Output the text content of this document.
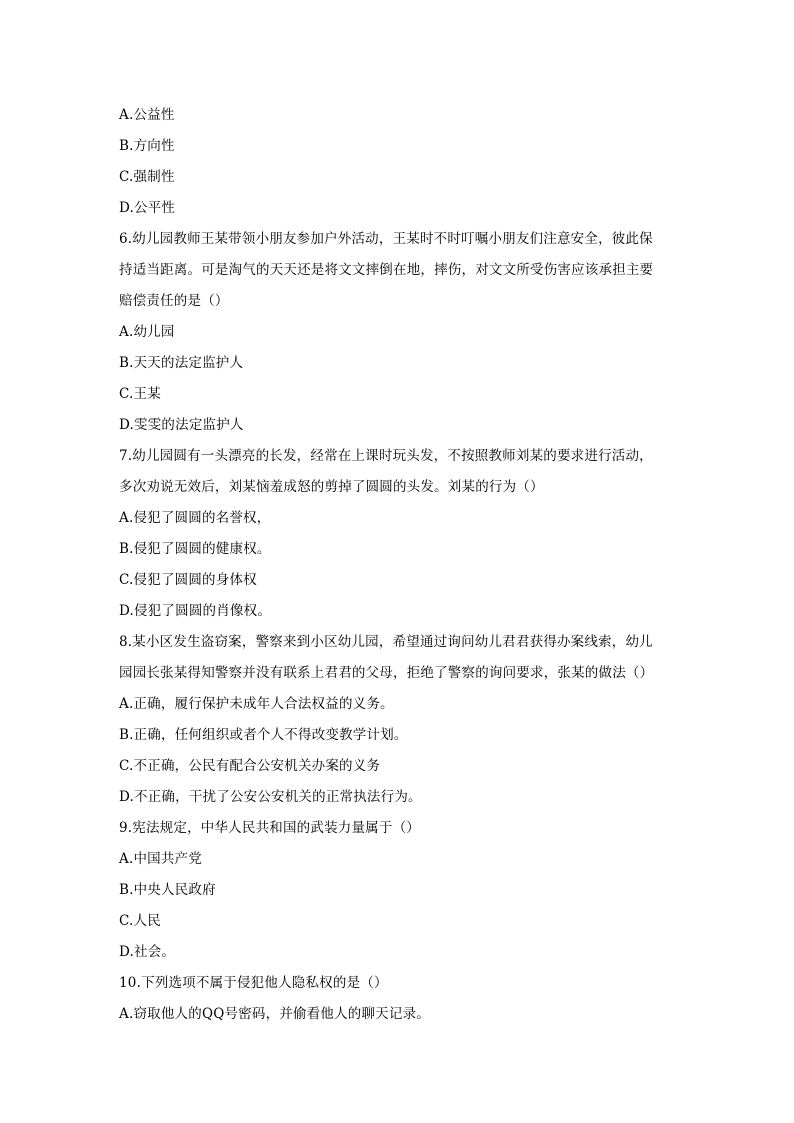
A.公益性
B.方向性
C.强制性
D.公平性
6.幼儿园教师王某带领小朋友参加户外活动，王某时不时叮嘱小朋友们注意安全，彼此保
持适当距离。可是淘气的天天还是将文文摔倒在地，摔伤，对文文所受伤害应该承担主要
赔偿责任的是（）
A.幼儿园
B.天天的法定监护人
C.王某
D.雯雯的法定监护人
7.幼儿园圆有一头漂亮的长发，经常在上课时玩头发，不按照教师刘某的要求进行活动，
多次劝说无效后，刘某恼羞成怒的剪掉了圆圆的头发。刘某的行为（）
A.侵犯了圆圆的名誉权，
B.侵犯了圆圆的健康权。
C.侵犯了圆圆的身体权
D.侵犯了圆圆的肖像权。
8.某小区发生盗窃案，警察来到小区幼儿园，希望通过询问幼儿君君获得办案线索，幼儿
园园长张某得知警察并没有联系上君君的父母，拒绝了警察的询问要求，张某的做法（）
A.正确，履行保护未成年人合法权益的义务。
B.正确，任何组织或者个人不得改变教学计划。
C.不正确，公民有配合公安机关办案的义务
D.不正确，干扰了公安公安机关的正常执法行为。
9.宪法规定，中华人民共和国的武装力量属于（）
A.中国共产党
B.中央人民政府
C.人民
D.社会。
10.下列选项不属于侵犯他人隐私权的是（）
A.窃取他人的QQ号密码，并偷看他人的聊天记录。
